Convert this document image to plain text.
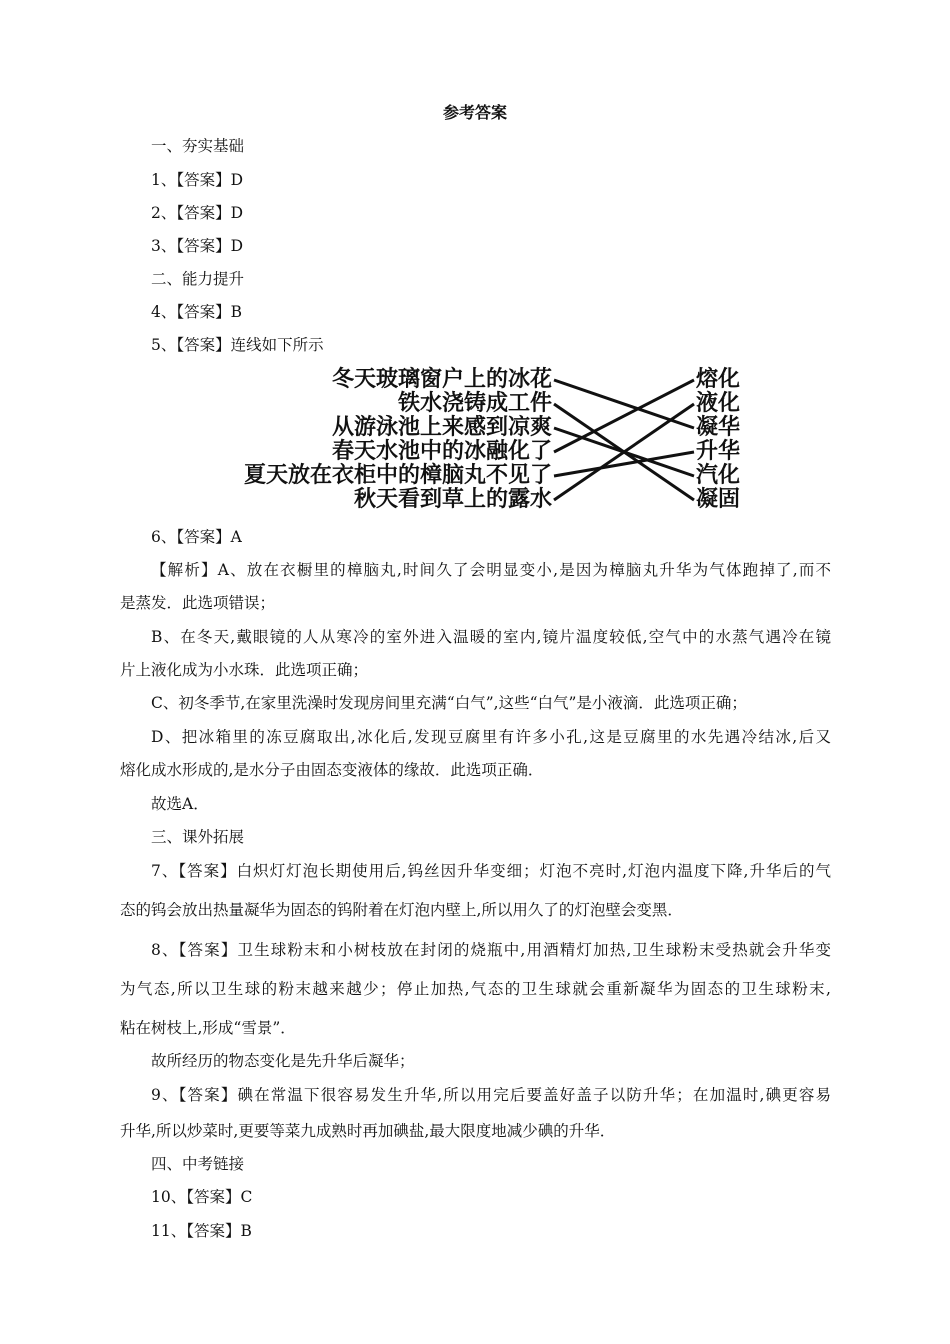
参考答案
一、夯实基础
1、【答案】D
2、【答案】D
3、【答案】D
二、能力提升
4、【答案】B
5、【答案】连线如下所示
冬天玻璃窗户上的冰花
铁水浇铸成工件
从游泳池上来感到凉爽
春天水池中的冰融化了
夏天放在衣柜中的樟脑丸不见了
秋天看到草上的露水
熔化
液化
凝华
升华
汽化
凝固
6、【答案】A
【解析】A、放在衣橱里的樟脑丸,时间久了会明显变小,是因为樟脑丸升华为气体跑掉了,而不
是蒸发．此选项错误；
B、在冬天,戴眼镜的人从寒冷的室外进入温暖的室内,镜片温度较低,空气中的水蒸气遇冷在镜
片上液化成为小水珠．此选项正确；
C、初冬季节,在家里洗澡时发现房间里充满“白气”,这些“白气”是小液滴．此选项正确；
D、把冰箱里的冻豆腐取出,冰化后,发现豆腐里有许多小孔,这是豆腐里的水先遇冷结冰,后又
熔化成水形成的,是水分子由固态变液体的缘故．此选项正确．
故选A．
三、课外拓展
7、【答案】白炽灯灯泡长期使用后,钨丝因升华变细；灯泡不亮时,灯泡内温度下降,升华后的气
态的钨会放出热量凝华为固态的钨附着在灯泡内壁上,所以用久了的灯泡壁会变黑．
8、【答案】卫生球粉末和小树枝放在封闭的烧瓶中,用酒精灯加热,卫生球粉末受热就会升华变
为气态,所以卫生球的粉末越来越少；停止加热,气态的卫生球就会重新凝华为固态的卫生球粉末,
粘在树枝上,形成“雪景”．
故所经历的物态变化是先升华后凝华；
9、【答案】碘在常温下很容易发生升华,所以用完后要盖好盖子以防升华；在加温时,碘更容易
升华,所以炒菜时,更要等菜九成熟时再加碘盐,最大限度地减少碘的升华．
四、中考链接
10、【答案】C
11、【答案】B
